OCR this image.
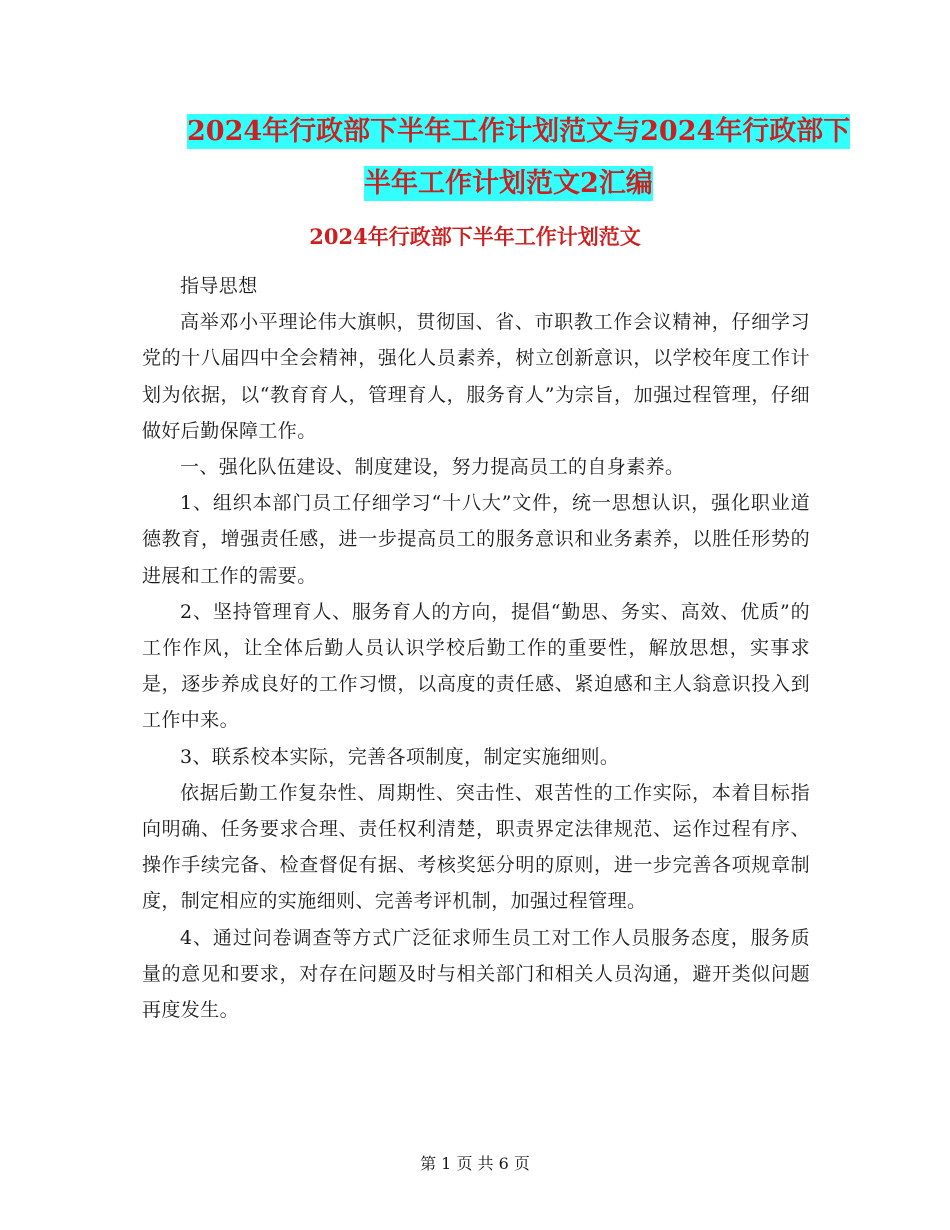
2024年行政部下半年工作计划范文与2024年行政部下
半年工作计划范文2汇编
2024年行政部下半年工作计划范文

指导思想

高举邓小平理论伟大旗帜，贯彻国、省、市职教工作会议精神，仔细学习党的十八届四中全会精神，强化人员素养，树立创新意识，以学校年度工作计划为依据，以“教育育人，管理育人，服务育人”为宗旨，加强过程管理，仔细做好后勤保障工作。

一、强化队伍建设、制度建设，努力提高员工的自身素养。

1、组织本部门员工仔细学习“十八大”文件，统一思想认识，强化职业道德教育，增强责任感，进一步提高员工的服务意识和业务素养，以胜任形势的进展和工作的需要。

2、坚持管理育人、服务育人的方向，提倡“勤思、务实、高效、优质”的工作作风，让全体后勤人员认识学校后勤工作的重要性，解放思想，实事求是，逐步养成良好的工作习惯，以高度的责任感、紧迫感和主人翁意识投入到工作中来。

3、联系校本实际，完善各项制度，制定实施细则。

依据后勤工作复杂性、周期性、突击性、艰苦性的工作实际，本着目标指向明确、任务要求合理、责任权利清楚，职责界定法律规范、运作过程有序、操作手续完备、检查督促有据、考核奖惩分明的原则，进一步完善各项规章制度，制定相应的实施细则、完善考评机制，加强过程管理。

4、通过问卷调查等方式广泛征求师生员工对工作人员服务态度，服务质量的意见和要求，对存在问题及时与相关部门和相关人员沟通，避开类似问题再度发生。

第 1 页 共 6 页
